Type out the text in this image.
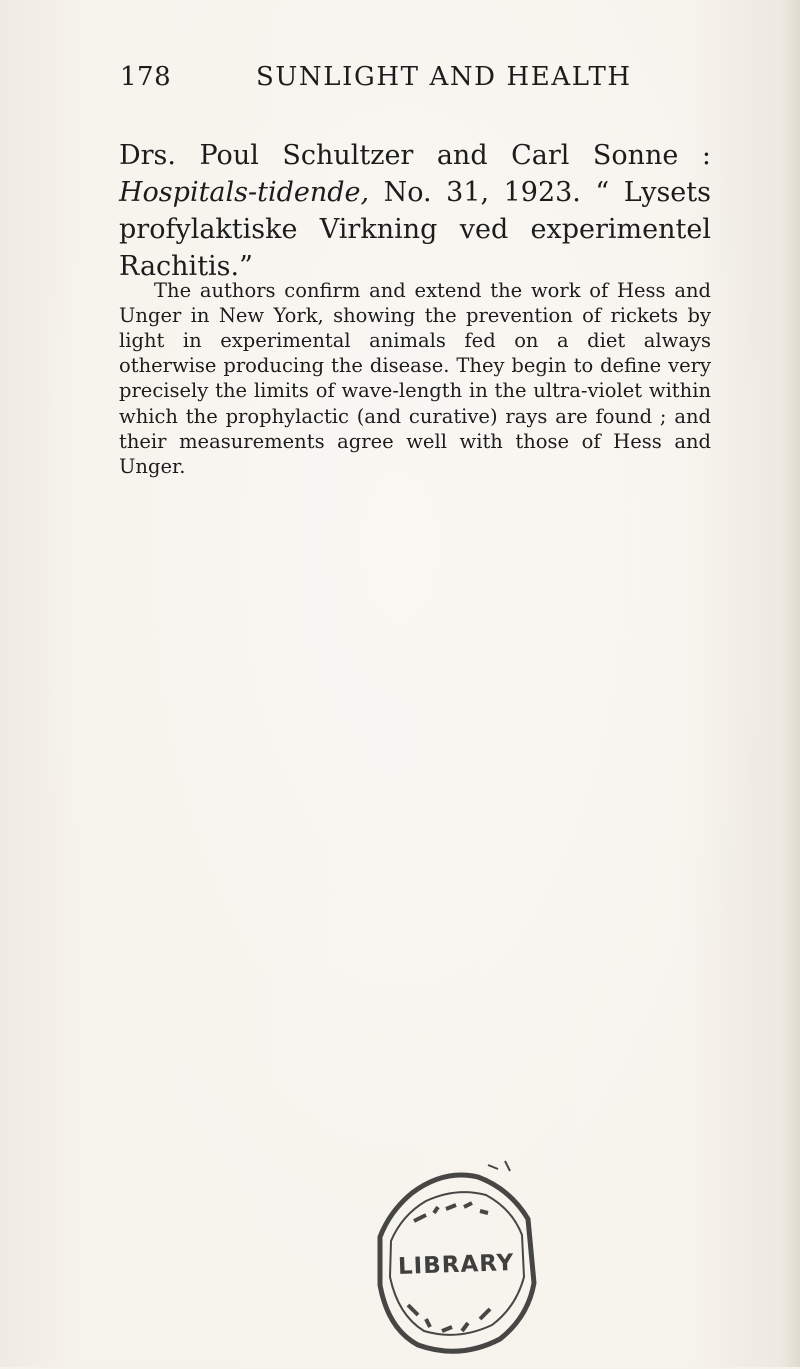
178	SUNLIGHT AND HEALTH

Drs. Poul Schultzer and Carl Sonne : Hospitals-tidende, No. 31, 1923. “ Lysets profylaktiske Virkning ved experimentel Rachitis.”

The authors confirm and extend the work of Hess and Unger in New York, showing the prevention of rickets by light in experimental animals fed on a diet always otherwise producing the disease. They begin to define very precisely the limits of wave-length in the ultra-violet within which the prophylactic (and curative) rays are found ; and their measurements agree well with those of Hess and Unger.

LIBRARY
